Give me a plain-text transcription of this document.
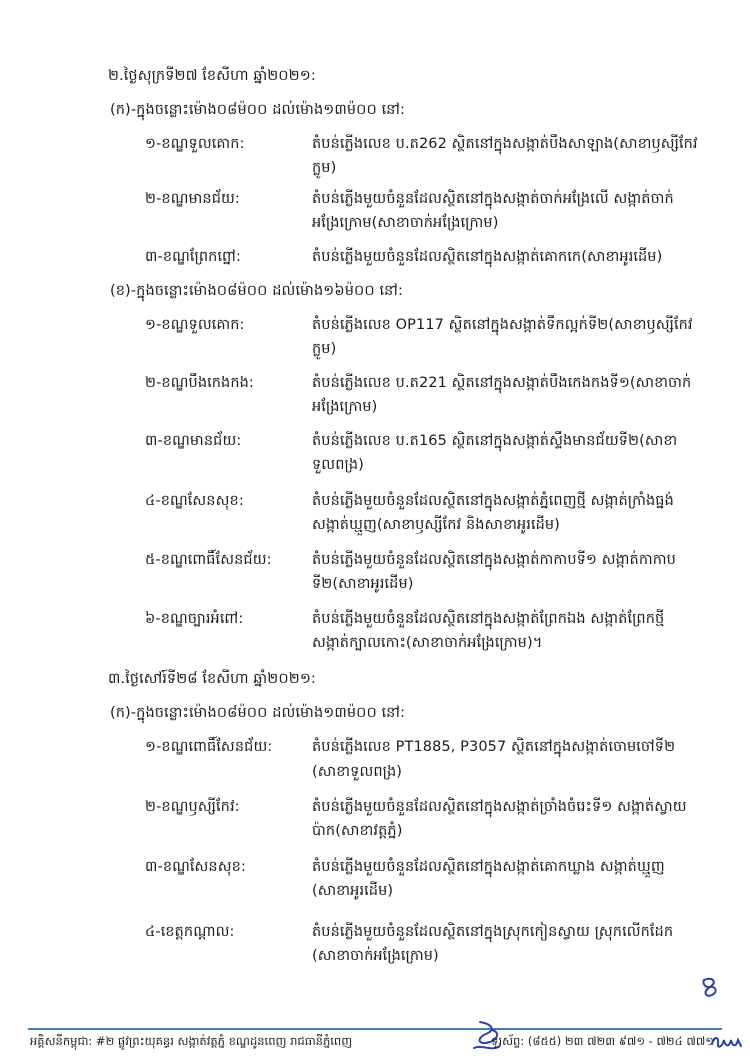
២.ថ្ងៃសុក្រទី២៧ ខែសីហា ឆ្នាំ២០២១:
(ក)-ក្នុងចន្លោះម៉ោង០៨ម៉០០ ដល់ម៉ោង១៣ម៉០០ នៅ:
១-ខណ្ឌទួលគោក:	តំបន់ភ្លើងលេខ ប.ត262 ស្ថិតនៅក្នុងសង្កាត់បឹងសាឡាង(សាខាឫស្សីកែវ
ក្លូម)
២-ខណ្ឌមានជ័យ:	តំបន់ភ្លើងមួយចំនួនដែលស្ថិតនៅក្នុងសង្កាត់ចាក់អង្រែលើ សង្កាត់ចាក់
អង្រែក្រោម(សាខាចាក់អង្រែក្រោម)
៣-ខណ្ឌព្រែកព្នៅ:	តំបន់ភ្លើងមួយចំនួនដែលស្ថិតនៅក្នុងសង្កាត់គោកកេ(សាខាអូរដើម)
(ខ)-ក្នុងចន្លោះម៉ោង០៨ម៉០០ ដល់ម៉ោង១៦ម៉០០ នៅ:
១-ខណ្ឌទួលគោក:	តំបន់ភ្លើងលេខ OP117 ស្ថិតនៅក្នុងសង្កាត់ទឹកល្អក់ទី២(សាខាឫស្សីកែវ
ក្លូម)
២-ខណ្ឌបឹងកេងកង:	តំបន់ភ្លើងលេខ ប.ត221 ស្ថិតនៅក្នុងសង្កាត់បឹងកេងកងទី១(សាខាចាក់
អង្រែក្រោម)
៣-ខណ្ឌមានជ័យ:	តំបន់ភ្លើងលេខ ប.ត165 ស្ថិតនៅក្នុងសង្កាត់ស្ទឹងមានជ័យទី២(សាខា
ទួលពង្រ)
៤-ខណ្ឌសែនសុខ:	តំបន់ភ្លើងមួយចំនួនដែលស្ថិតនៅក្នុងសង្កាត់ភ្នំពេញថ្មី សង្កាត់ក្រាំងធ្នង់
សង្កាត់ឃ្មួញ(សាខាឫស្សីកែវ និងសាខាអូរដើម)
៥-ខណ្ឌពោធិ៍សែនជ័យ:	តំបន់ភ្លើងមួយចំនួនដែលស្ថិតនៅក្នុងសង្កាត់កាកាបទី១ សង្កាត់កាកាប
ទី២(សាខាអូរដើម)
៦-ខណ្ឌច្បារអំពៅ:	តំបន់ភ្លើងមួយចំនួនដែលស្ថិតនៅក្នុងសង្កាត់ព្រែកឯង សង្កាត់ព្រែកថ្មី
សង្កាត់ក្បាលកោះ(សាខាចាក់អង្រែក្រោម)។
៣.ថ្ងៃសៅរ៍ទី២៨ ខែសីហា ឆ្នាំ២០២១:
(ក)-ក្នុងចន្លោះម៉ោង០៨ម៉០០ ដល់ម៉ោង១៣ម៉០០ នៅ:
១-ខណ្ឌពោធិ៍សែនជ័យ:	តំបន់ភ្លើងលេខ PT1885, P3057 ស្ថិតនៅក្នុងសង្កាត់ចោមចៅទី២
(សាខាទួលពង្រ)
២-ខណ្ឌឫស្សីកែវ:	តំបន់ភ្លើងមួយចំនួនដែលស្ថិតនៅក្នុងសង្កាត់ច្រាំងចំរេះទី១ សង្កាត់ស្វាយ
ប៉ាក(សាខាវត្តភ្នំ)
៣-ខណ្ឌសែនសុខ:	តំបន់ភ្លើងមួយចំនួនដែលស្ថិតនៅក្នុងសង្កាត់គោកឃ្លាង សង្កាត់ឃ្មួញ
(សាខាអូរដើម)
៤-ខេត្តកណ្ដាល:	តំបន់ភ្លើងមួយចំនួនដែលស្ថិតនៅក្នុងស្រុកកៀនស្វាយ ស្រុកលើកដែក
(សាខាចាក់អង្រែក្រោម)
អគ្គិសនីកម្ពុជា: #២ ផ្លូវព្រះយុគន្ធរ សង្កាត់វត្តភ្នំ ខណ្ឌដូនពេញ រាជធានីភ្នំពេញ	ទូរស័ព្ទ: (៨៥៥) ២៣ ៧២៣ ៩៧១ - ៧២៤ ៧៧១
